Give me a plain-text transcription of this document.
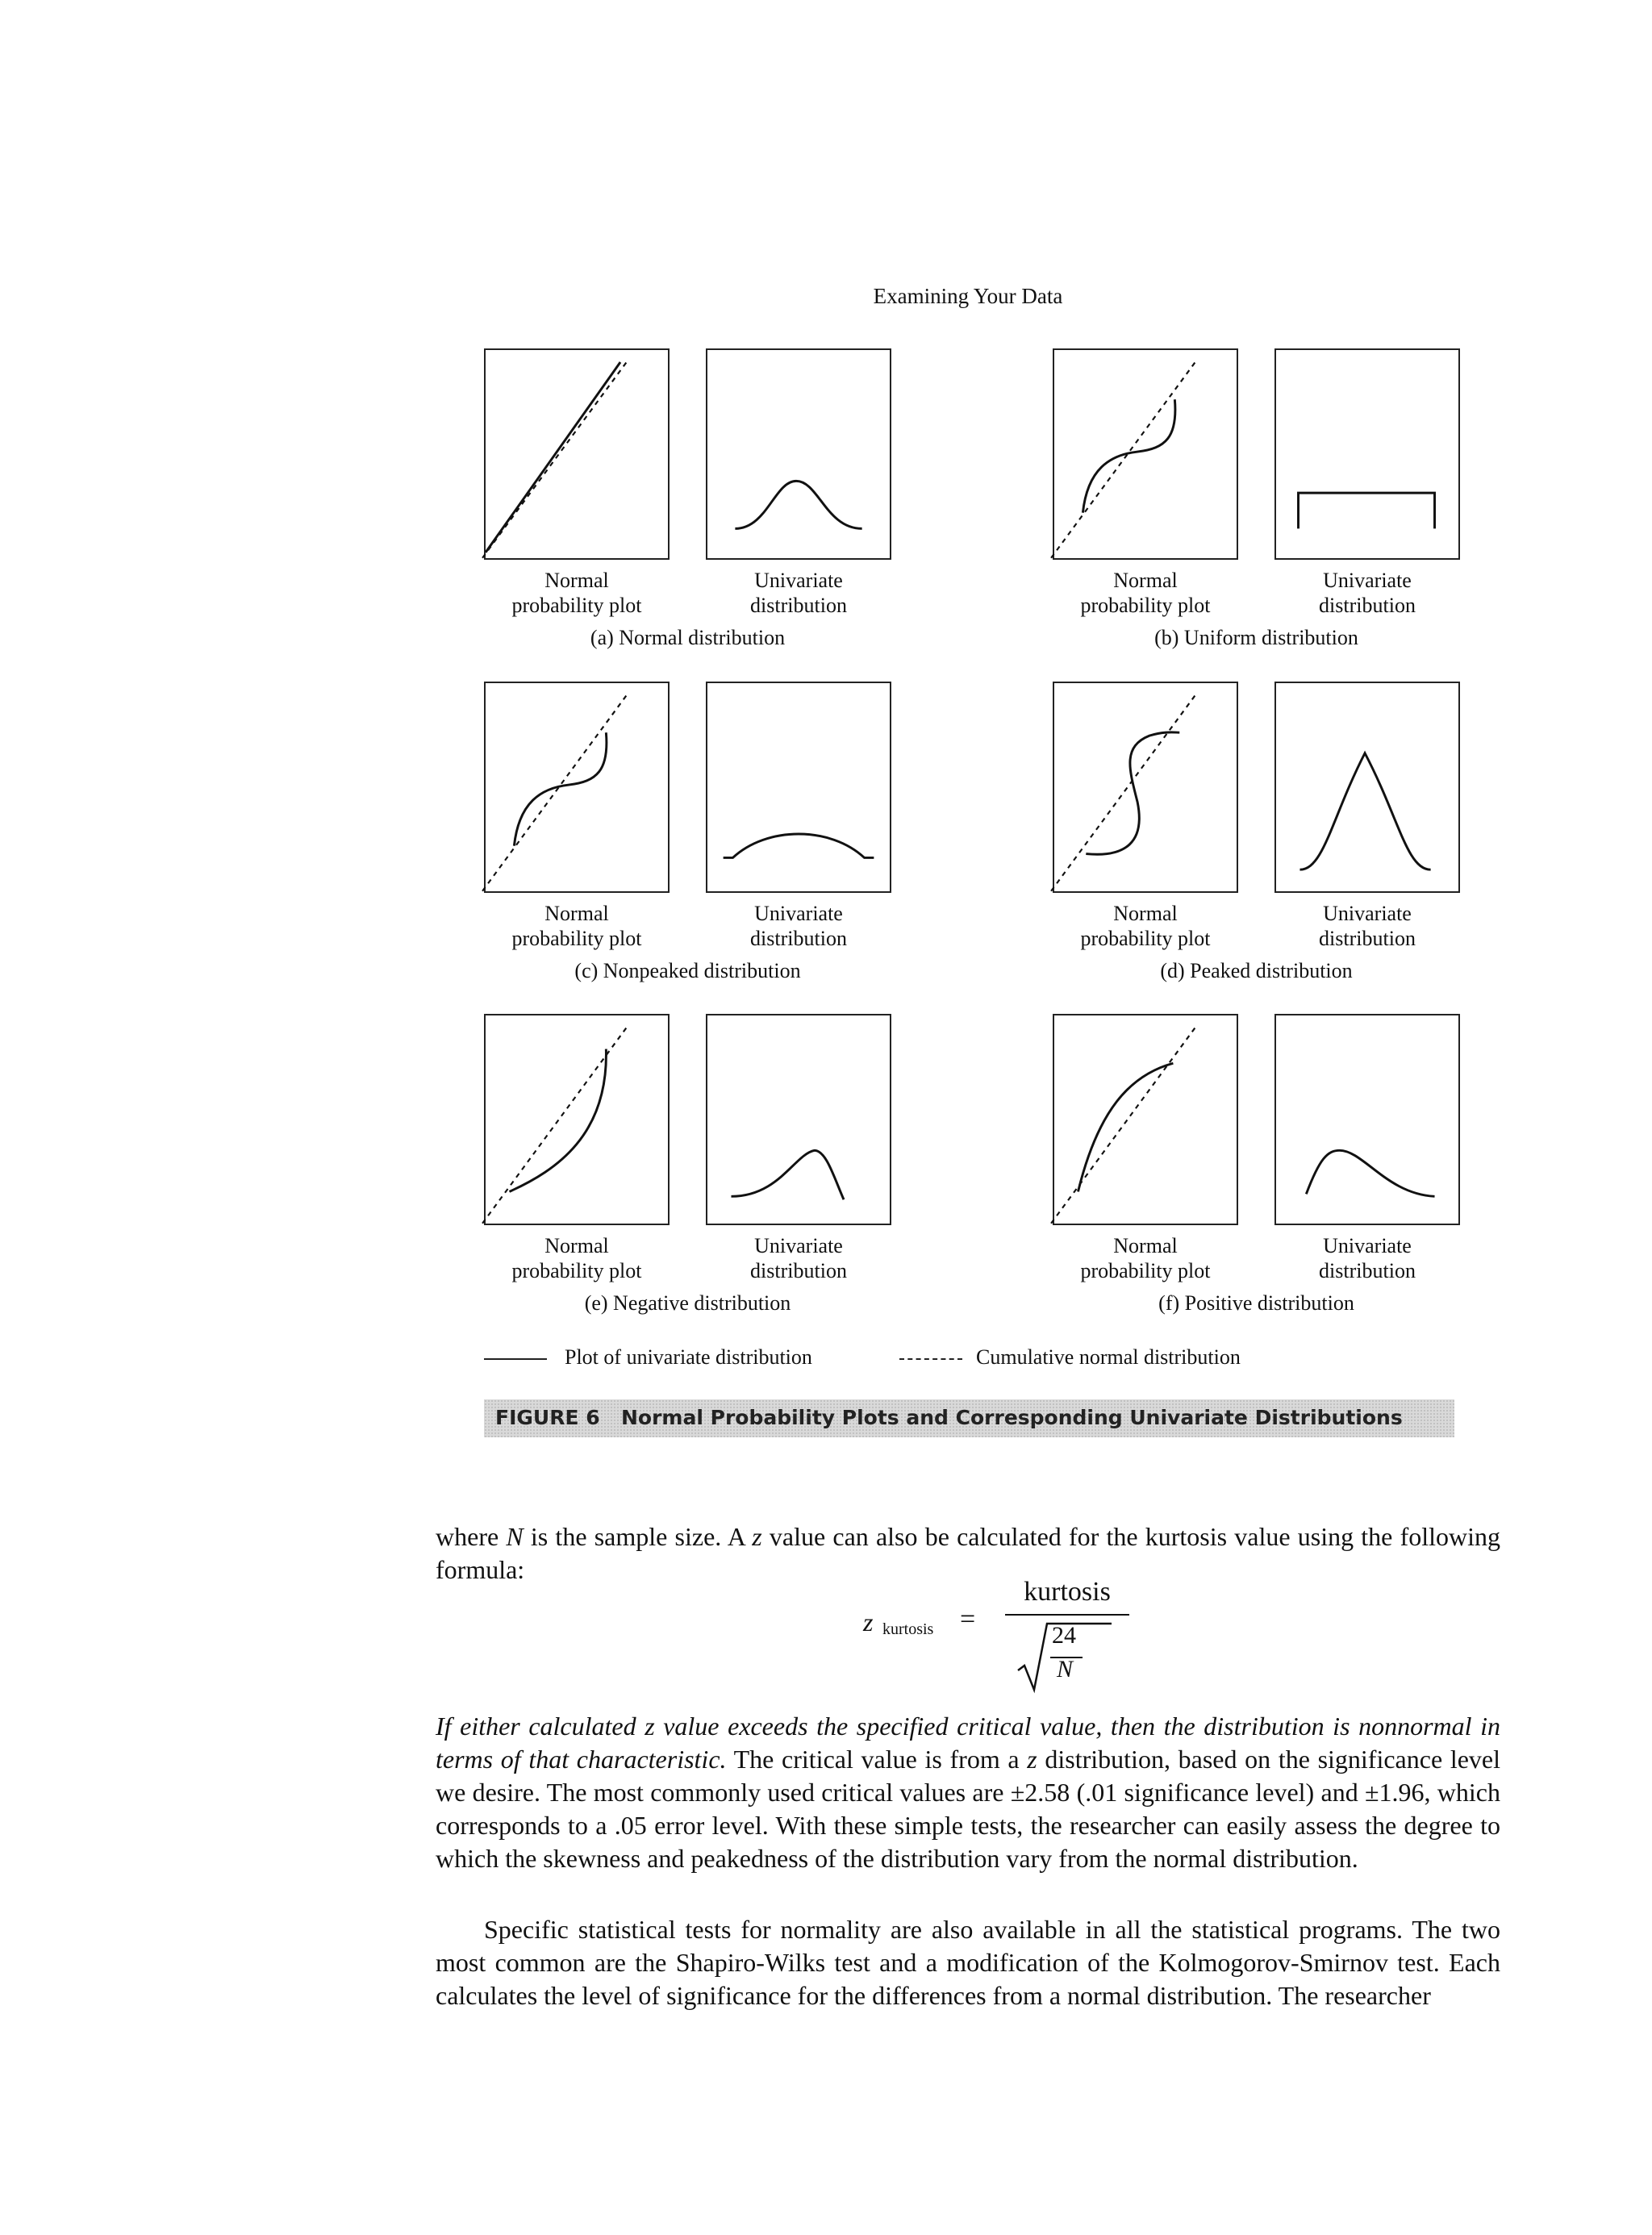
Examining Your Data
Normal
probability plot
Univariate
distribution
(a) Normal distribution
Normal
probability plot
Univariate
distribution
(b) Uniform distribution
Normal
probability plot
Univariate
distribution
(c) Nonpeaked distribution
Normal
probability plot
Univariate
distribution
(d) Peaked distribution
Normal
probability plot
Univariate
distribution
(e) Negative distribution
Normal
probability plot
Univariate
distribution
(f) Positive distribution
Plot of univariate distribution	Cumulative normal distribution
FIGURE 6 Normal Probability Plots and Corresponding Univariate Distributions

where N is the sample size. A z value can also be calculated for the kurtosis value using the following formula:

z kurtosis =
kurtosis
24
N

If either calculated z value exceeds the specified critical value, then the distribution is nonnormal in terms of that characteristic. The critical value is from a z distribution, based on the significance level we desire. The most commonly used critical values are ±2.58 (.01 significance level) and ±1.96, which corresponds to a .05 error level. With these simple tests, the researcher can easily assess the degree to which the skewness and peakedness of the distribution vary from the normal distribution.

Specific statistical tests for normality are also available in all the statistical programs. The two most common are the Shapiro-Wilks test and a modification of the Kolmogorov-Smirnov test. Each calculates the level of significance for the differences from a normal distribution. The researcher
